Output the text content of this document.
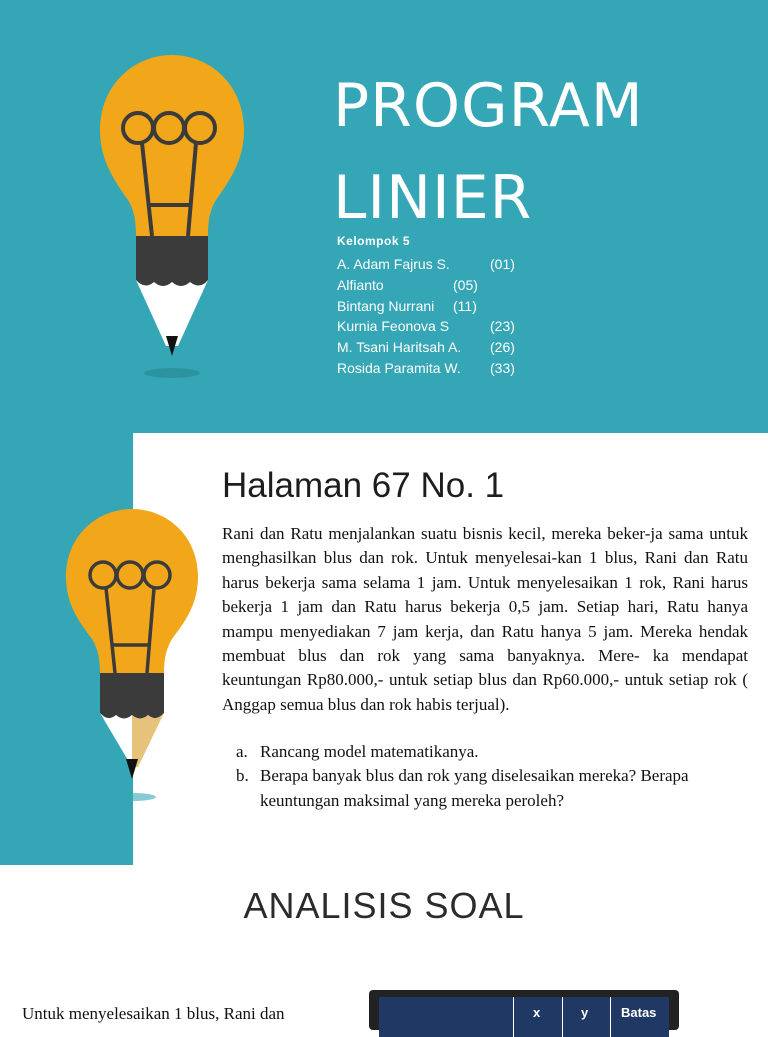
PROGRAM
LINIER
Kelompok 5
A. Adam Fajrus S.	(01)
Alfianto	(05)
Bintang Nurrani (11)
Kurnia Feonova S	(23)
M. Tsani Haritsah A. (26)
Rosida Paramita W. (33)
Halaman 67 No. 1
Rani dan Ratu menjalankan suatu bisnis kecil, mereka beker-ja sama untuk menghasilkan blus dan rok. Untuk menyelesai-kan 1 blus, Rani dan Ratu harus bekerja sama selama 1 jam. Untuk menyelesaikan 1 rok, Rani harus bekerja 1 jam dan Ratu harus bekerja 0,5 jam. Setiap hari, Ratu hanya mampu menyediakan 7 jam kerja, dan Ratu hanya 5 jam. Mereka hendak membuat blus dan rok yang sama banyaknya. Mere- ka mendapat keuntungan Rp80.000,- untuk setiap blus dan Rp60.000,- untuk setiap rok ( Anggap semua blus dan rok habis terjual).
a. Rancang model matematikanya.
b. Berapa banyak blus dan rok yang diselesaikan mereka? Berapa keuntungan maksimal yang mereka peroleh?
ANALISIS SOAL
Untuk menyelesaikan 1 blus, Rani dan	x	y	Batas
